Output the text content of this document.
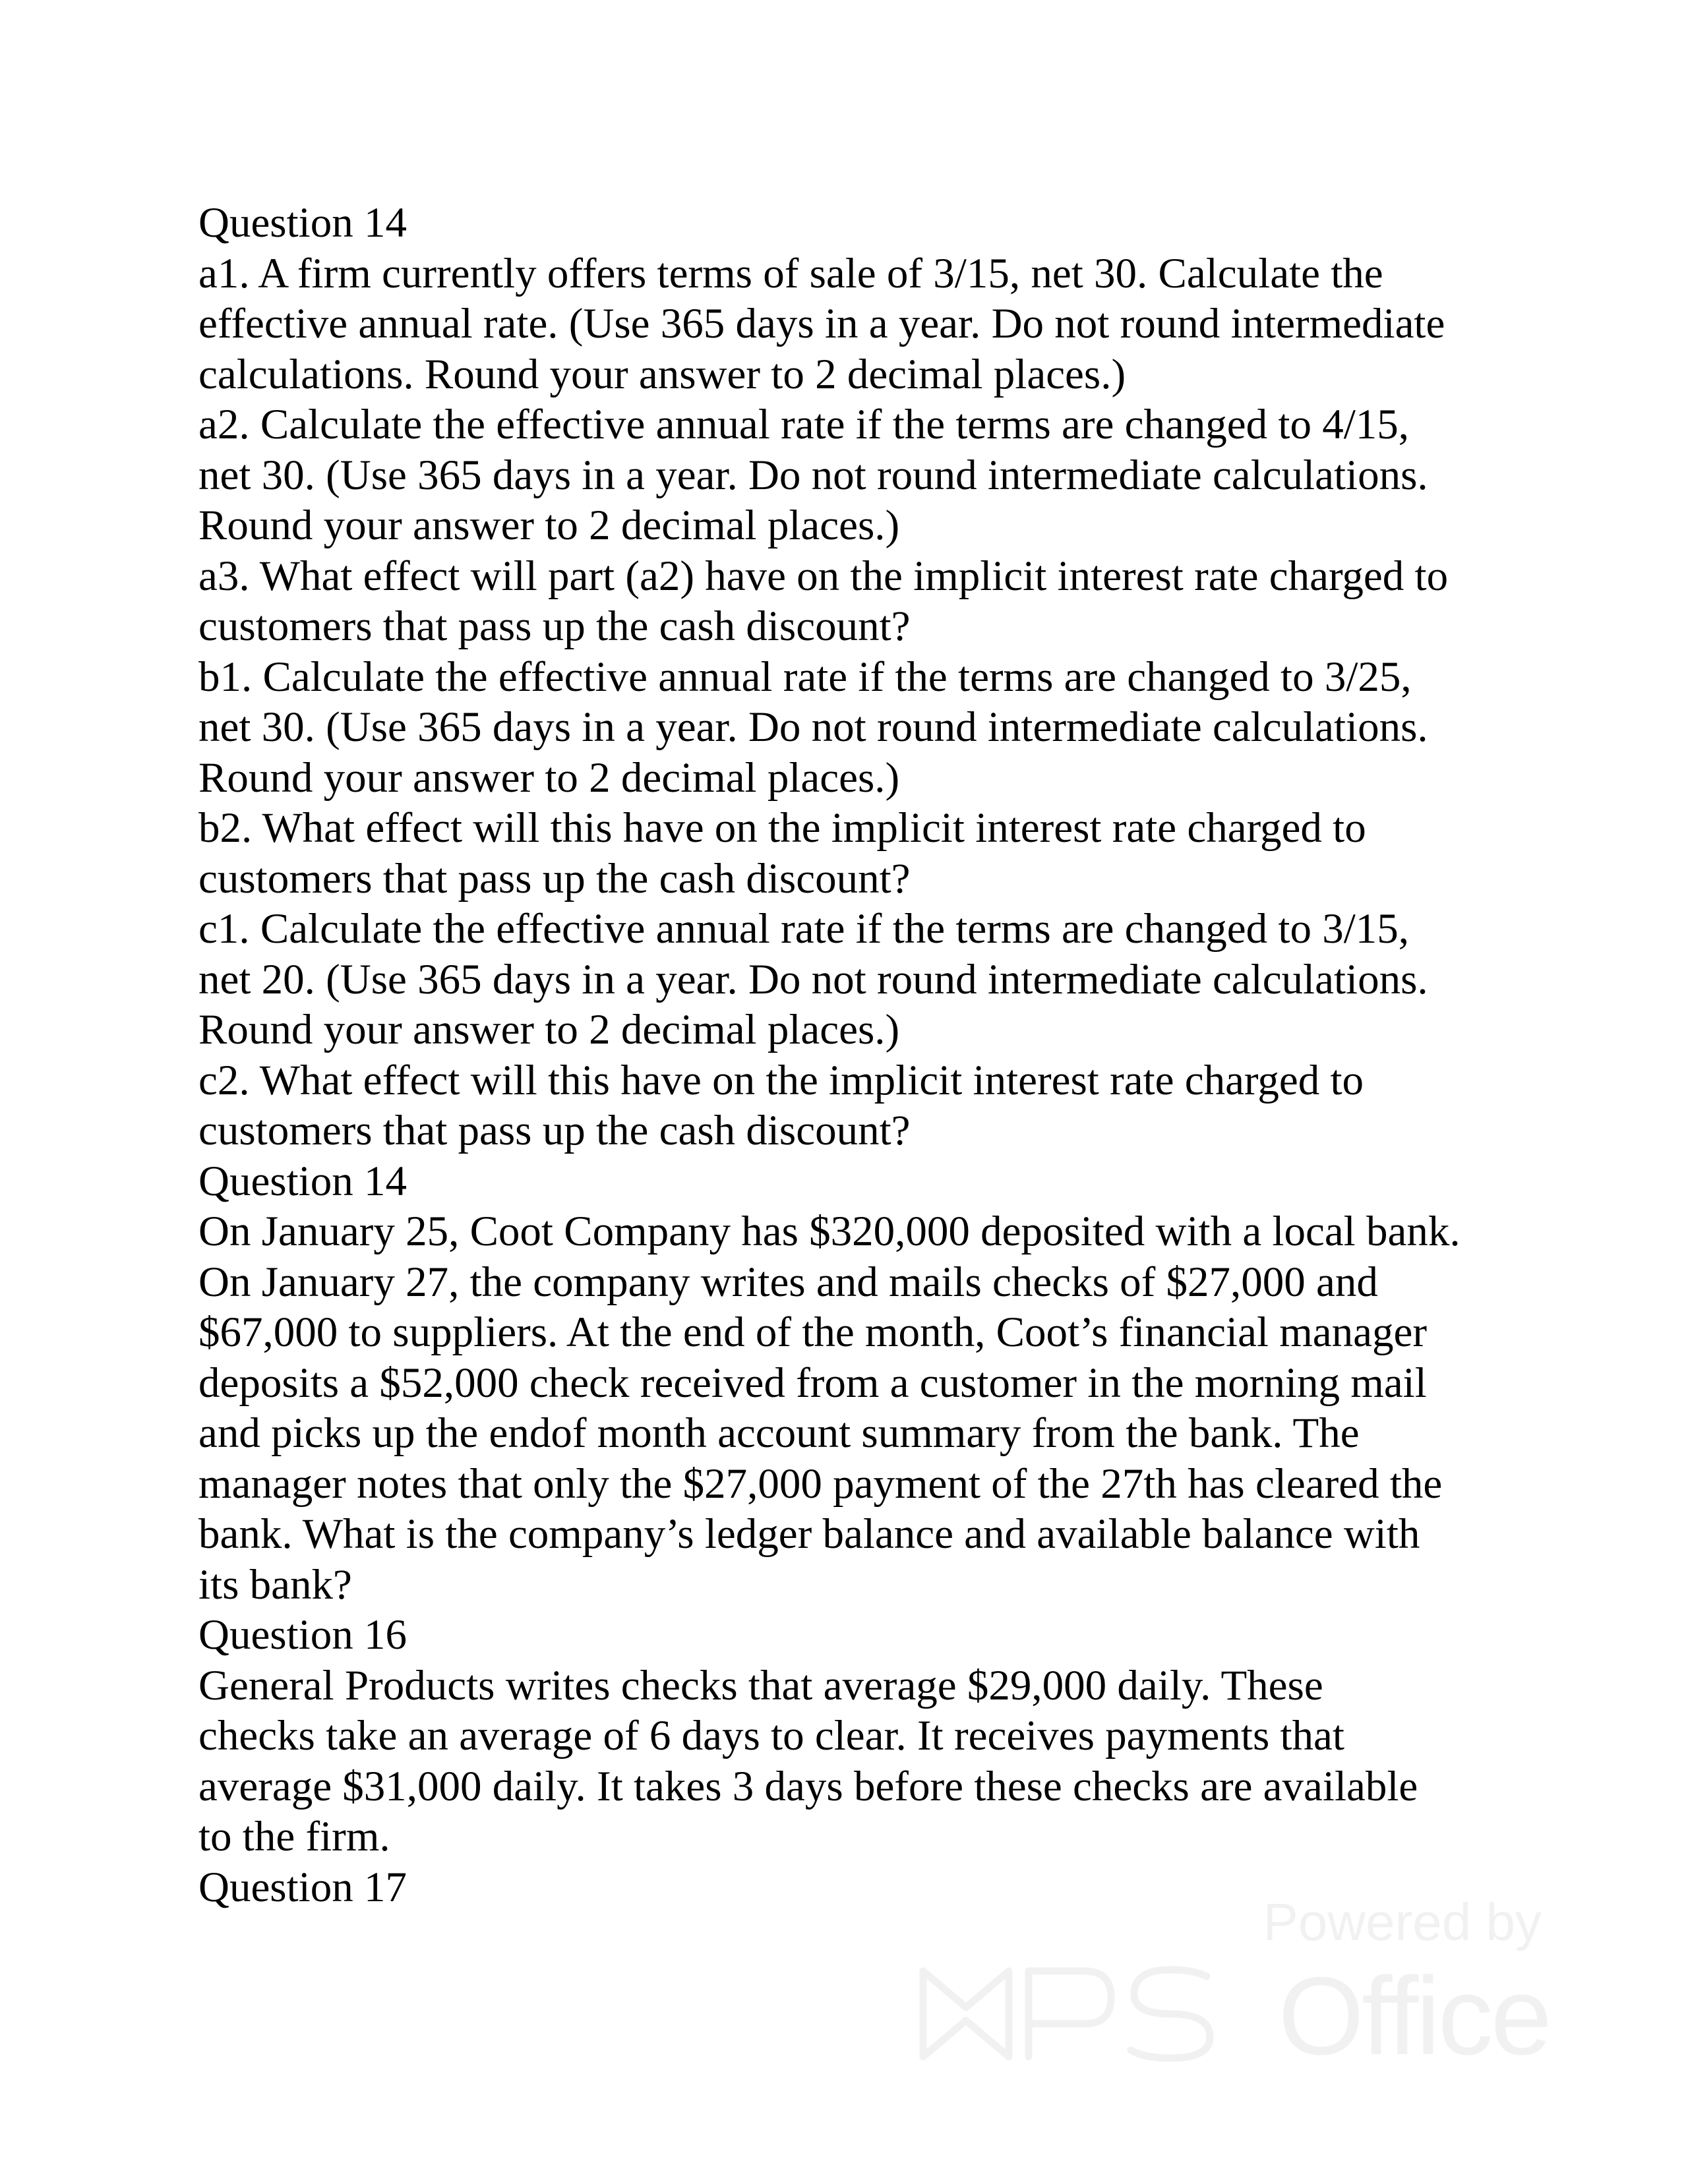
Question 14
a1. A firm currently offers terms of sale of 3/15, net 30. Calculate the
effective annual rate. (Use 365 days in a year. Do not round intermediate
calculations. Round your answer to 2 decimal places.)
a2. Calculate the effective annual rate if the terms are changed to 4/15,
net 30. (Use 365 days in a year. Do not round intermediate calculations.
Round your answer to 2 decimal places.)
a3. What effect will part (a2) have on the implicit interest rate charged to
customers that pass up the cash discount?
b1. Calculate the effective annual rate if the terms are changed to 3/25,
net 30. (Use 365 days in a year. Do not round intermediate calculations.
Round your answer to 2 decimal places.)
b2. What effect will this have on the implicit interest rate charged to
customers that pass up the cash discount?
c1. Calculate the effective annual rate if the terms are changed to 3/15,
net 20. (Use 365 days in a year. Do not round intermediate calculations.
Round your answer to 2 decimal places.)
c2. What effect will this have on the implicit interest rate charged to
customers that pass up the cash discount?
Question 14
On January 25, Coot Company has $320,000 deposited with a local bank.
On January 27, the company writes and mails checks of $27,000 and
$67,000 to suppliers. At the end of the month, Coot’s financial manager
deposits a $52,000 check received from a customer in the morning mail
and picks up the endof month account summary from the bank. The
manager notes that only the $27,000 payment of the 27th has cleared the
bank. What is the company’s ledger balance and available balance with
its bank?
Question 16
General Products writes checks that average $29,000 daily. These
checks take an average of 6 days to clear. It receives payments that
average $31,000 daily. It takes 3 days before these checks are available
to the firm.
Question 17
Powered by
Office
